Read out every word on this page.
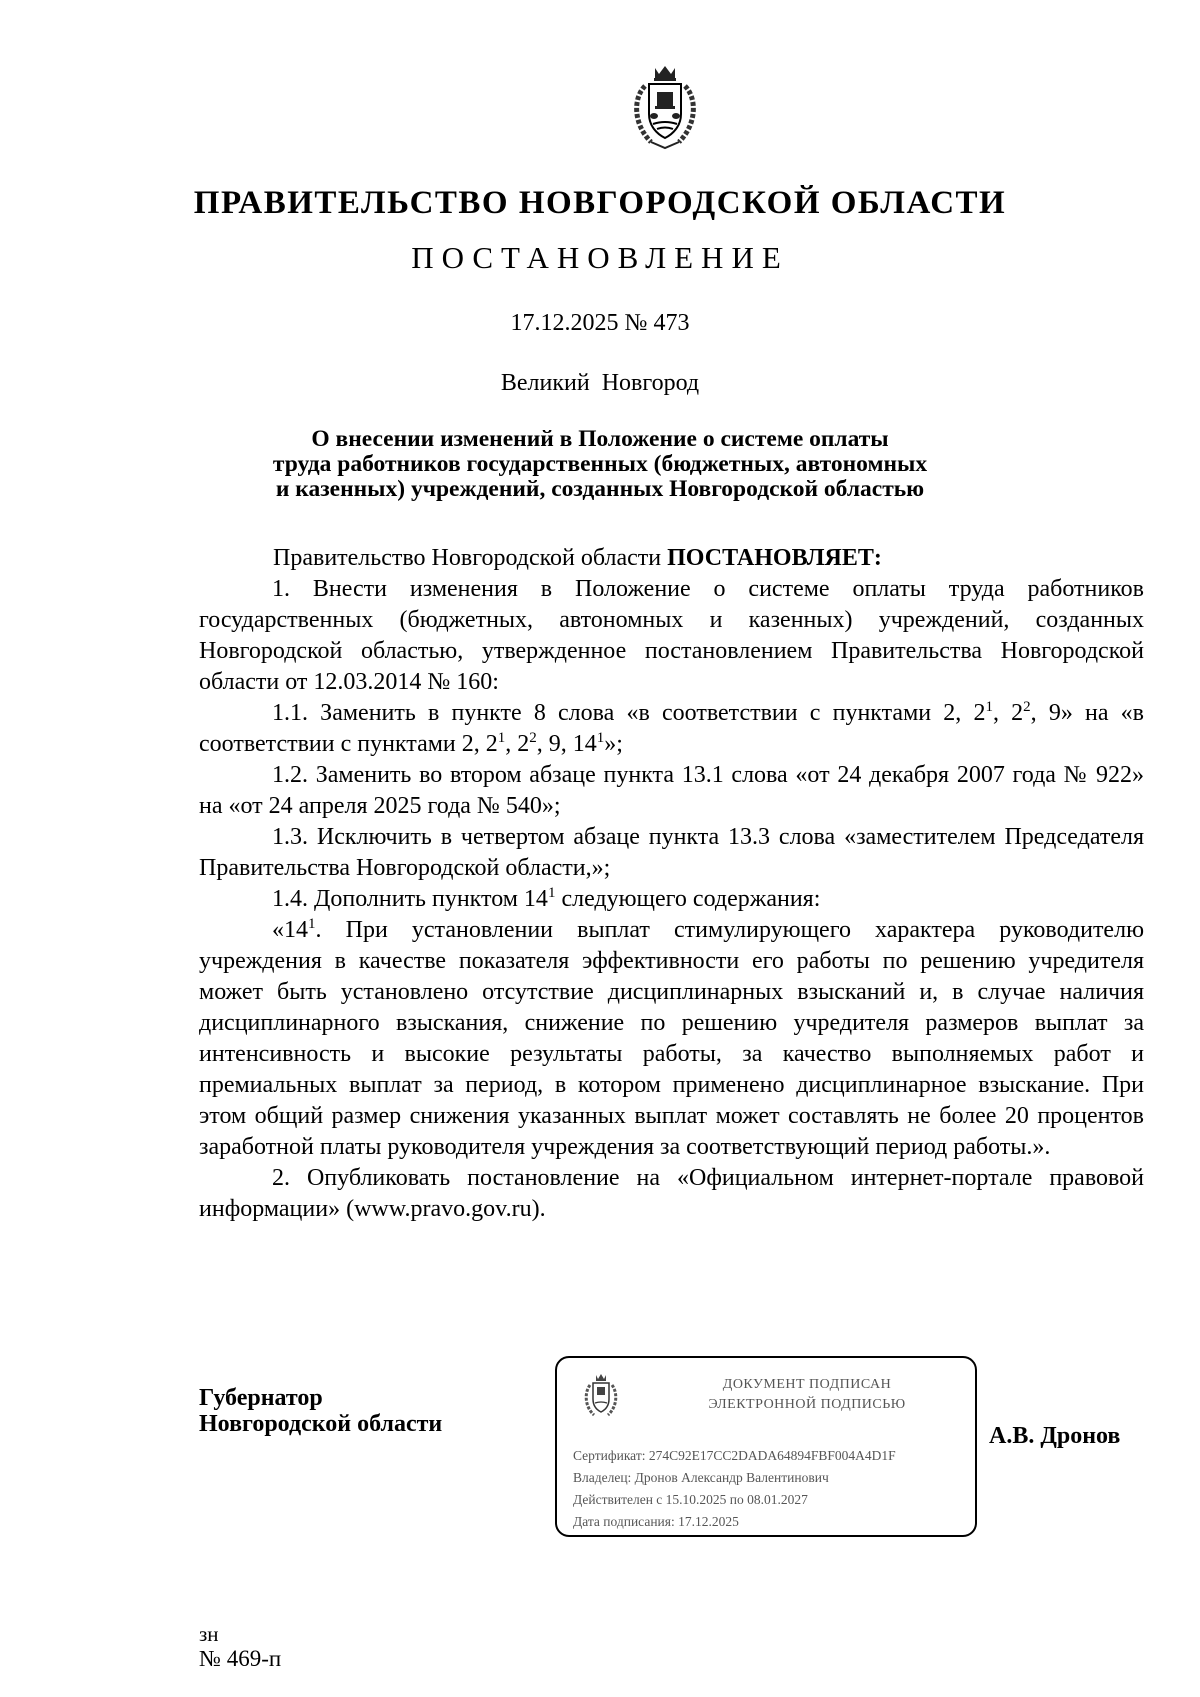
ПРАВИТЕЛЬСТВО НОВГОРОДСКОЙ ОБЛАСТИ
ПОСТАНОВЛЕНИЕ
17.12.2025 № 473
Великий Новгород
О внесении изменений в Положение о системе оплаты
труда работников государственных (бюджетных, автономных
и казенных) учреждений, созданных Новгородской областью

Правительство Новгородской области ПОСТАНОВЛЯЕТ:

1. Внести изменения в Положение о системе оплаты труда работников государственных (бюджетных, автономных и казенных) учреждений, созданных Новгородской областью, утвержденное постановлением Правительства Новгородской области от 12.03.2014 № 160:

1.1. Заменить в пункте 8 слова «в соответствии с пунктами 2, $2^1$, $2^2$, 9» на «в соответствии с пунктами 2, $2^1$, $2^2$, 9, $14^1$»;

1.2. Заменить во втором абзаце пункта 13.1 слова «от 24 декабря 2007 года № 922» на «от 24 апреля 2025 года № 540»;

1.3. Исключить в четвертом абзаце пункта 13.3 слова «заместителем Председателя Правительства Новгородской области,»;

1.4. Дополнить пунктом $14^1$ следующего содержания:

«$14^1$. При установлении выплат стимулирующего характера руководителю учреждения в качестве показателя эффективности его работы по решению учредителя может быть установлено отсутствие дисциплинарных взысканий и, в случае наличия дисциплинарного взыскания, снижение по решению учредителя размеров выплат за интенсивность и высокие результаты работы, за качество выполняемых работ и премиальных выплат за период, в котором применено дисциплинарное взыскание. При этом общий размер снижения указанных выплат может составлять не более 20 процентов заработной платы руководителя учреждения за соответствующий период работы.».

2. Опубликовать постановление на «Официальном интернет-портале правовой информации» (www.pravo.gov.ru).

Губернатор
Новгородской области
ДОКУМЕНТ ПОДПИСАН
ЭЛЕКТРОННОЙ ПОДПИСЬЮ
Сертификат: 274C92E17CC2DADA64894FBF004A4D1F
Владелец: Дронов Александр Валентинович
Действителен с 15.10.2025 по 08.01.2027
Дата подписания: 17.12.2025
А.В. Дронов
зн
№ 469-п
